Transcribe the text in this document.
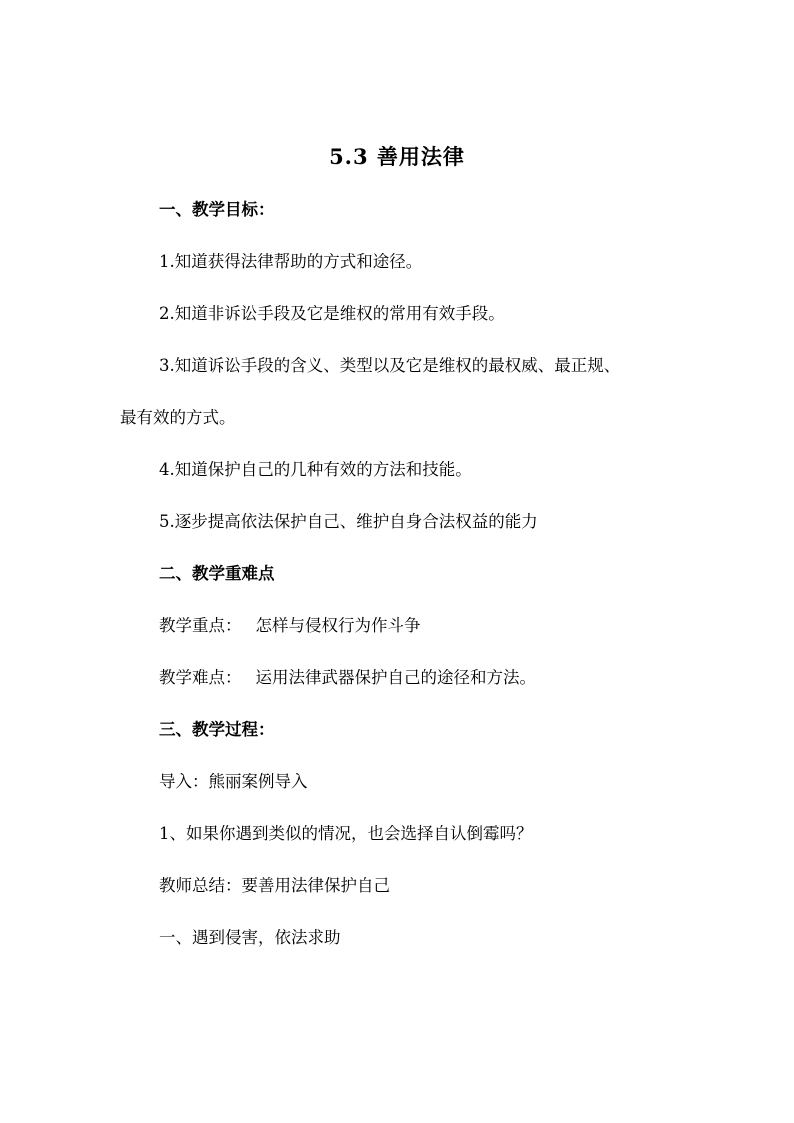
5.3 善用法律
一、教学目标：
1.知道获得法律帮助的方式和途径。
2.知道非诉讼手段及它是维权的常用有效手段。
3.知道诉讼手段的含义、类型以及它是维权的最权威、最正规、
最有效的方式。
4.知道保护自己的几种有效的方法和技能。
5.逐步提高依法保护自己、维护自身合法权益的能力
二、教学重难点
教学重点： 怎样与侵权行为作斗争
教学难点： 运用法律武器保护自己的途径和方法。
三、教学过程：
导入：熊丽案例导入
1、如果你遇到类似的情况，也会选择自认倒霉吗？
教师总结：要善用法律保护自己
一、遇到侵害，依法求助
